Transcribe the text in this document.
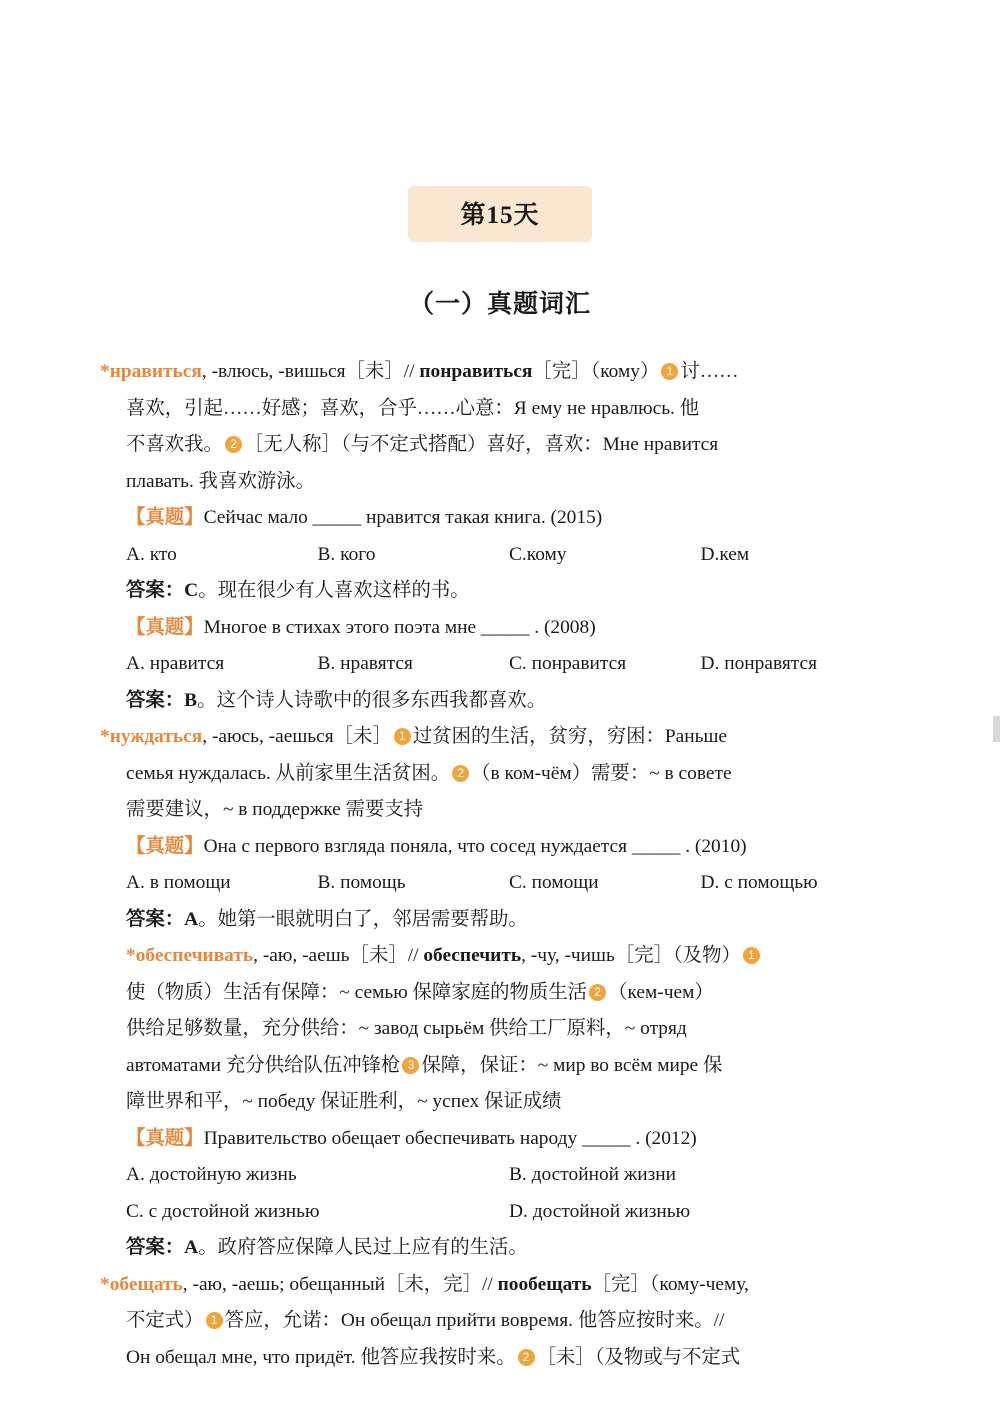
第15天
（一）真题词汇

*нравиться, -влюсь, -вишься［未］// понравиться［完］（кому） 1 讨……

喜欢，引起……好感；喜欢，合乎……心意：Я ему не нравлюсь. 他

不喜欢我。 2 ［无人称］（与不定式搭配）喜好，喜欢：Мне нравится

плавать. 我喜欢游泳。

【真题】Сейчас мало _____ нравится такая книга. (2015)

A. кто	B. кого	C.кому	D.кем

答案：C。现在很少有人喜欢这样的书。

【真题】Многое в стихах этого поэта мне _____ . (2008)

A. нравится	B. нравятся	C. понравится	D. понравятся

答案：B。这个诗人诗歌中的很多东西我都喜欢。

*нуждаться, -аюсь, -аешься［未］ 1 过贫困的生活，贫穷，穷困：Раньше

семья нуждалась. 从前家里生活贫困。 2 （в ком-чём）需要：~ в совете

需要建议，~ в поддержке 需要支持

【真题】Она с первого взгляда поняла, что сосед нуждается _____ . (2010)

A. в помощи	B. помощь	C. помощи	D. с помощью

答案：A。她第一眼就明白了，邻居需要帮助。

*обеспечивать, -аю, -аешь［未］// обеспечить, -чу, -чишь［完］（及物） 1

使（物质）生活有保障：~ семью 保障家庭的物质生活 2 （кем-чем）

供给足够数量，充分供给：~ завод сырьём 供给工厂原料，~ отряд

автоматами 充分供给队伍冲锋枪 3 保障，保证：~ мир во всём мире 保

障世界和平，~ победу 保证胜利，~ успех 保证成绩

【真题】Правительство обещает обеспечивать народу _____ . (2012)

A. достойную жизнь	B. достойной жизни
C. с достойной жизнью	D. достойной жизнью

答案：A。政府答应保障人民过上应有的生活。

*обещать, -аю, -аешь; обещанный［未，完］// пообещать［完］（кому-чему,

不定式） 1 答应，允诺：Он обещал прийти вовремя. 他答应按时来。//

Он обещал мне, что придёт. 他答应我按时来。 2 ［未］（及物或与不定式
